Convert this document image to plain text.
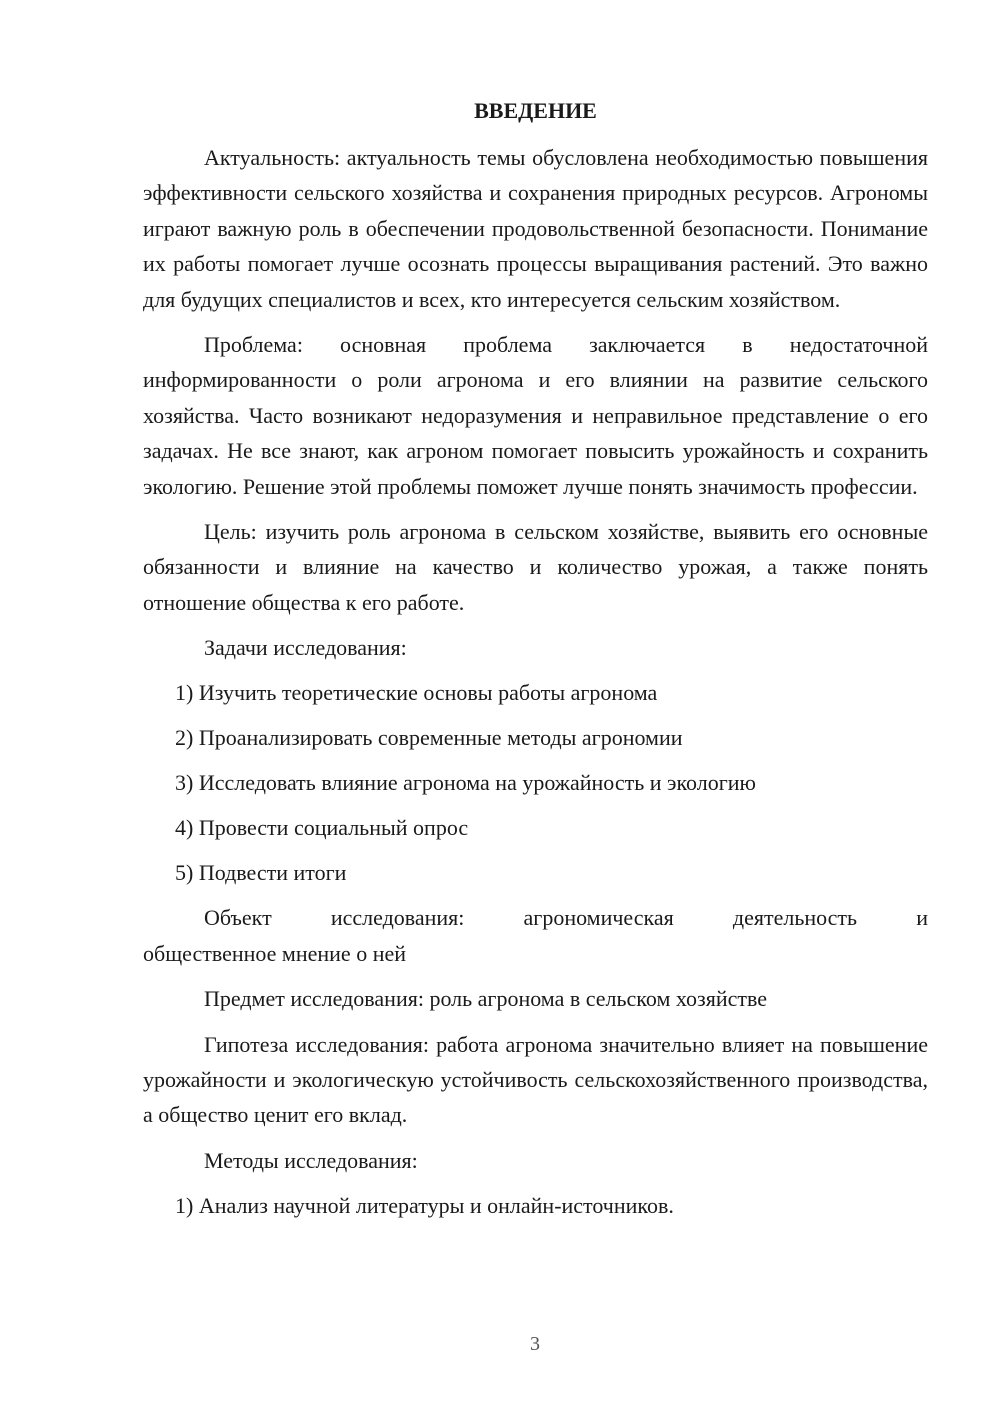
ВВЕДЕНИЕ

Актуальность: актуальность темы обусловлена необходимостью повышения эффективности сельского хозяйства и сохранения природных ресурсов. Агрономы играют важную роль в обеспечении продовольственной безопасности. Понимание их работы помогает лучше осознать процессы выращивания растений. Это важно для будущих специалистов и всех, кто интересуется сельским хозяйством.

Проблема: основная проблема заключается в недостаточной информированности о роли агронома и его влиянии на развитие сельского хозяйства. Часто возникают недоразумения и неправильное представление о его задачах. Не все знают, как агроном помогает повысить урожайность и сохранить экологию. Решение этой проблемы поможет лучше понять значимость профессии.

Цель: изучить роль агронома в сельском хозяйстве, выявить его основные обязанности и влияние на качество и количество урожая, а также понять отношение общества к его работе.

Задачи исследования:
1) Изучить теоретические основы работы агронома
2) Проанализировать современные методы агрономии
3) Исследовать влияние агронома на урожайность и экологию
4) Провести социальный опрос
5) Подвести итоги

Объект исследования: агрономическая деятельность и
общественное мнение о ней

Предмет исследования: роль агронома в сельском хозяйстве

Гипотеза исследования: работа агронома значительно влияет на повышение урожайности и экологическую устойчивость сельскохозяйственного производства, а общество ценит его вклад.

Методы исследования:
1) Анализ научной литературы и онлайн-источников.
3
